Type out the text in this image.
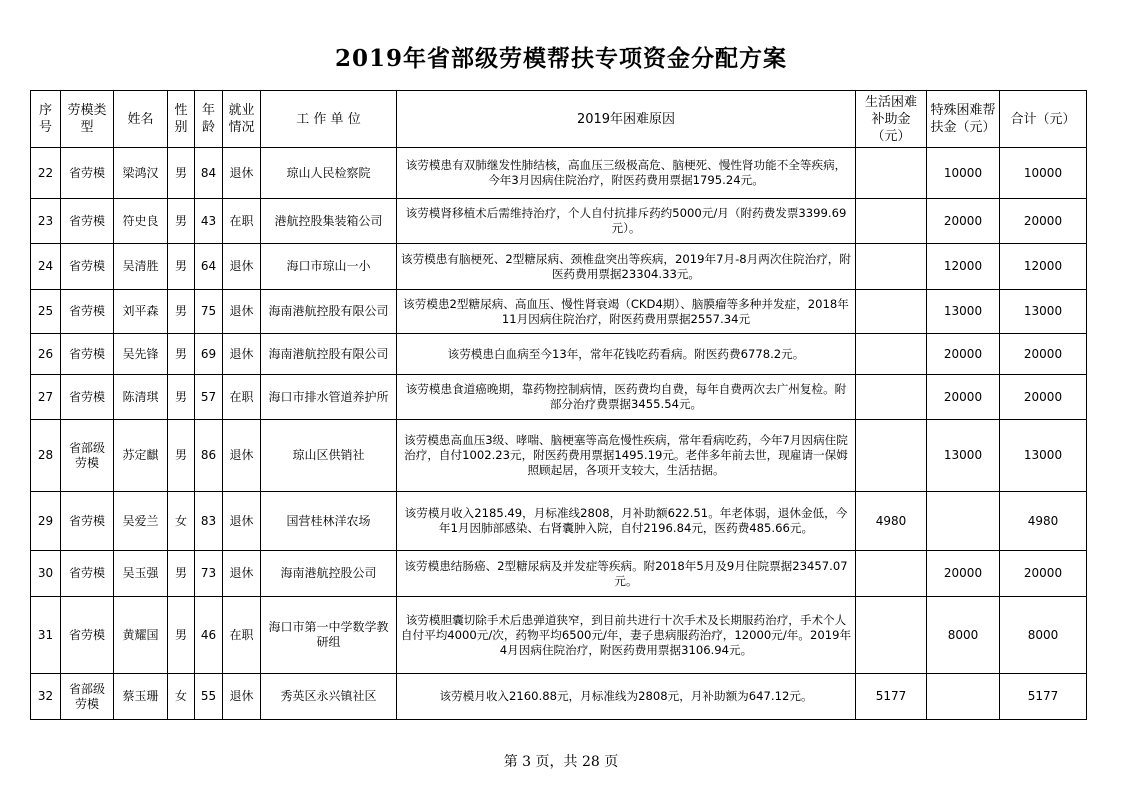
2019年省部级劳模帮扶专项资金分配方案
序号	劳模类型	姓名	性别	年龄	就业情况	工 作 单 位	2019年困难原因	生活困难补助金（元）	特殊困难帮扶金（元）	合计（元）
22	省劳模	梁鸿汉	男	84	退休	琼山人民检察院	该劳模患有双肺继发性肺结核，高血压三级极高危、脑梗死、慢性肾功能不全等疾病，今年3月因病住院治疗，附医药费用票据1795.24元。		10000	10000
23	省劳模	符史良	男	43	在职	港航控股集装箱公司	该劳模肾移植术后需维持治疗，个人自付抗排斥药约5000元/月（附药费发票3399.69元）。		20000	20000
24	省劳模	吴清胜	男	64	退休	海口市琼山一小	该劳模患有脑梗死、2型糖尿病、颈椎盘突出等疾病，2019年7月-8月两次住院治疗，附医药费用票据23304.33元。		12000	12000
25	省劳模	刘平森	男	75	退休	海南港航控股有限公司	该劳模患2型糖尿病、高血压、慢性肾衰竭（CKD4期）、脑膜瘤等多种并发症，2018年11月因病住院治疗，附医药费用票据2557.34元		13000	13000
26	省劳模	吴先锋	男	69	退休	海南港航控股有限公司	该劳模患白血病至今13年，常年花钱吃药看病。附医药费6778.2元。		20000	20000
27	省劳模	陈清琪	男	57	在职	海口市排水管道养护所	该劳模患食道癌晚期，靠药物控制病情，医药费均自费，每年自费两次去广州复检。附部分治疗费票据3455.54元。		20000	20000
28	省部级劳模	苏定麒	男	86	退休	琼山区供销社	该劳模患高血压3级、哮喘、脑梗塞等高危慢性疾病，常年看病吃药，今年7月因病住院治疗，自付1002.23元，附医药费用票据1495.19元。老伴多年前去世，现雇请一保姆照顾起居，各项开支较大，生活拮据。		13000	13000
29	省劳模	吴爱兰	女	83	退休	国营桂林洋农场	该劳模月收入2185.49，月标准线2808，月补助额622.51。年老体弱，退休金低，今年1月因肺部感染、右肾囊肿入院，自付2196.84元，医药费485.66元。	4980		4980
30	省劳模	吴玉强	男	73	退休	海南港航控股公司	该劳模患结肠癌、2型糖尿病及并发症等疾病。附2018年5月及9月住院票据23457.07元。		20000	20000
31	省劳模	黄耀国	男	46	在职	海口市第一中学数学教研组	该劳模胆囊切除手术后患弹道狭窄，到目前共进行十次手术及长期服药治疗，手术个人自付平均4000元/次，药物平均6500元/年，妻子患病服药治疗，12000元/年。2019年4月因病住院治疗，附医药费用票据3106.94元。		8000	8000
32	省部级劳模	蔡玉珊	女	55	退休	秀英区永兴镇社区	该劳模月收入2160.88元，月标准线为2808元，月补助额为647.12元。	5177		5177
第 3 页，共 28 页
